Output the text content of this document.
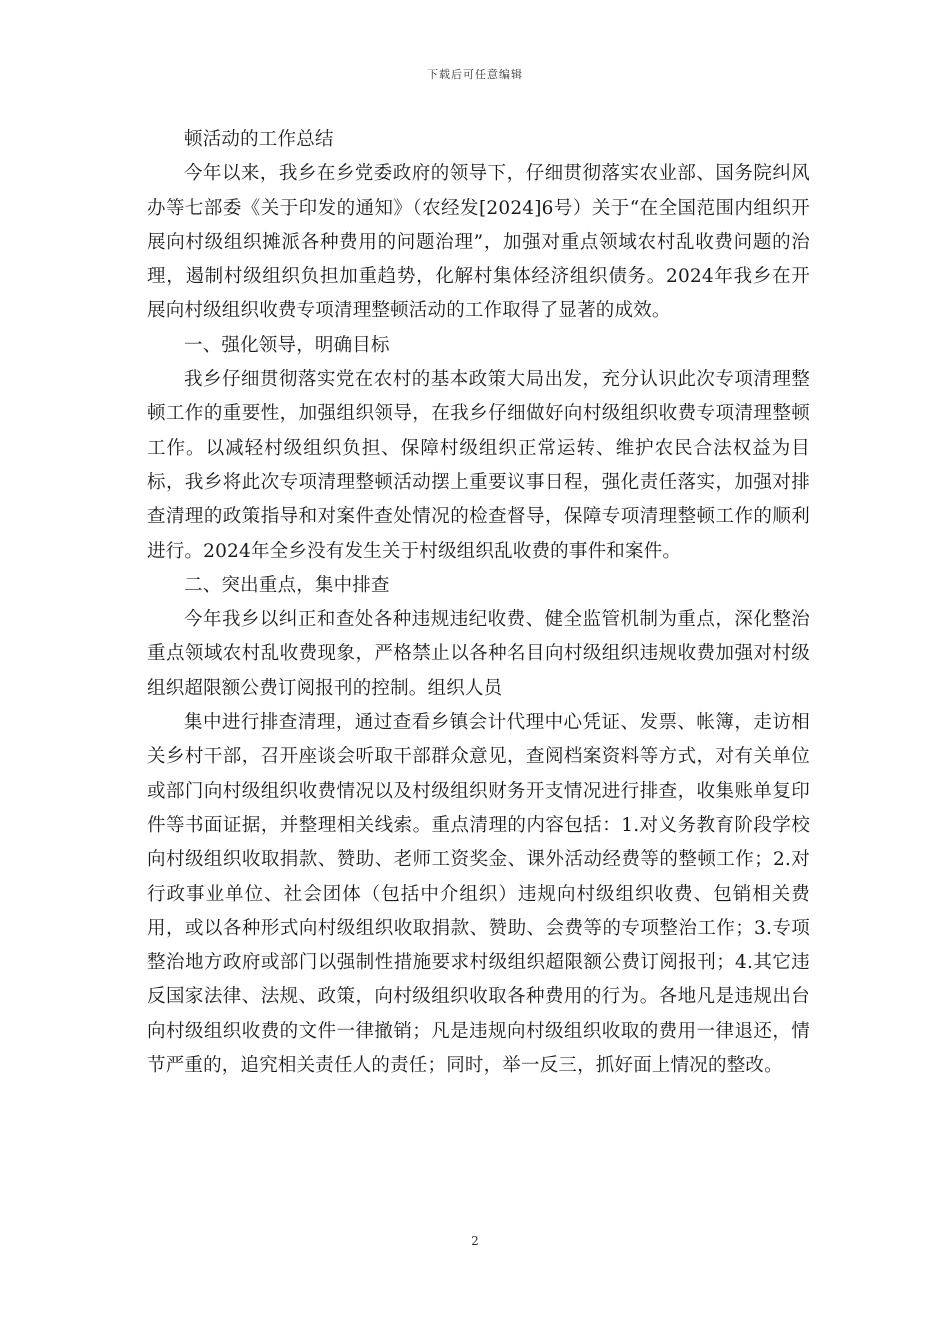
下载后可任意编辑

顿活动的工作总结

今年以来，我乡在乡党委政府的领导下，仔细贯彻落实农业部、国务院纠风办等七部委《关于印发的通知》（农经发[2024]6号）关于“在全国范围内组织开展向村级组织摊派各种费用的问题治理”，加强对重点领域农村乱收费问题的治理，遏制村级组织负担加重趋势，化解村集体经济组织债务。2024年我乡在开展向村级组织收费专项清理整顿活动的工作取得了显著的成效。

一、强化领导，明确目标

我乡仔细贯彻落实党在农村的基本政策大局出发，充分认识此次专项清理整顿工作的重要性，加强组织领导，在我乡仔细做好向村级组织收费专项清理整顿工作。以减轻村级组织负担、保障村级组织正常运转、维护农民合法权益为目标，我乡将此次专项清理整顿活动摆上重要议事日程，强化责任落实，加强对排查清理的政策指导和对案件查处情况的检查督导，保障专项清理整顿工作的顺利进行。2024年全乡没有发生关于村级组织乱收费的事件和案件。

二、突出重点，集中排查

今年我乡以纠正和查处各种违规违纪收费、健全监管机制为重点，深化整治重点领域农村乱收费现象，严格禁止以各种名目向村级组织违规收费加强对村级组织超限额公费订阅报刊的控制。组织人员

集中进行排查清理，通过查看乡镇会计代理中心凭证、发票、帐簿，走访相关乡村干部，召开座谈会听取干部群众意见，查阅档案资料等方式，对有关单位或部门向村级组织收费情况以及村级组织财务开支情况进行排查，收集账单复印件等书面证据，并整理相关线索。重点清理的内容包括：1.对义务教育阶段学校向村级组织收取捐款、赞助、老师工资奖金、课外活动经费等的整顿工作；2.对行政事业单位、社会团体（包括中介组织）违规向村级组织收费、包销相关费用，或以各种形式向村级组织收取捐款、赞助、会费等的专项整治工作；3.专项整治地方政府或部门以强制性措施要求村级组织超限额公费订阅报刊；4.其它违反国家法律、法规、政策，向村级组织收取各种费用的行为。各地凡是违规出台向村级组织收费的文件一律撤销；凡是违规向村级组织收取的费用一律退还，情节严重的，追究相关责任人的责任；同时，举一反三，抓好面上情况的整改。

2
